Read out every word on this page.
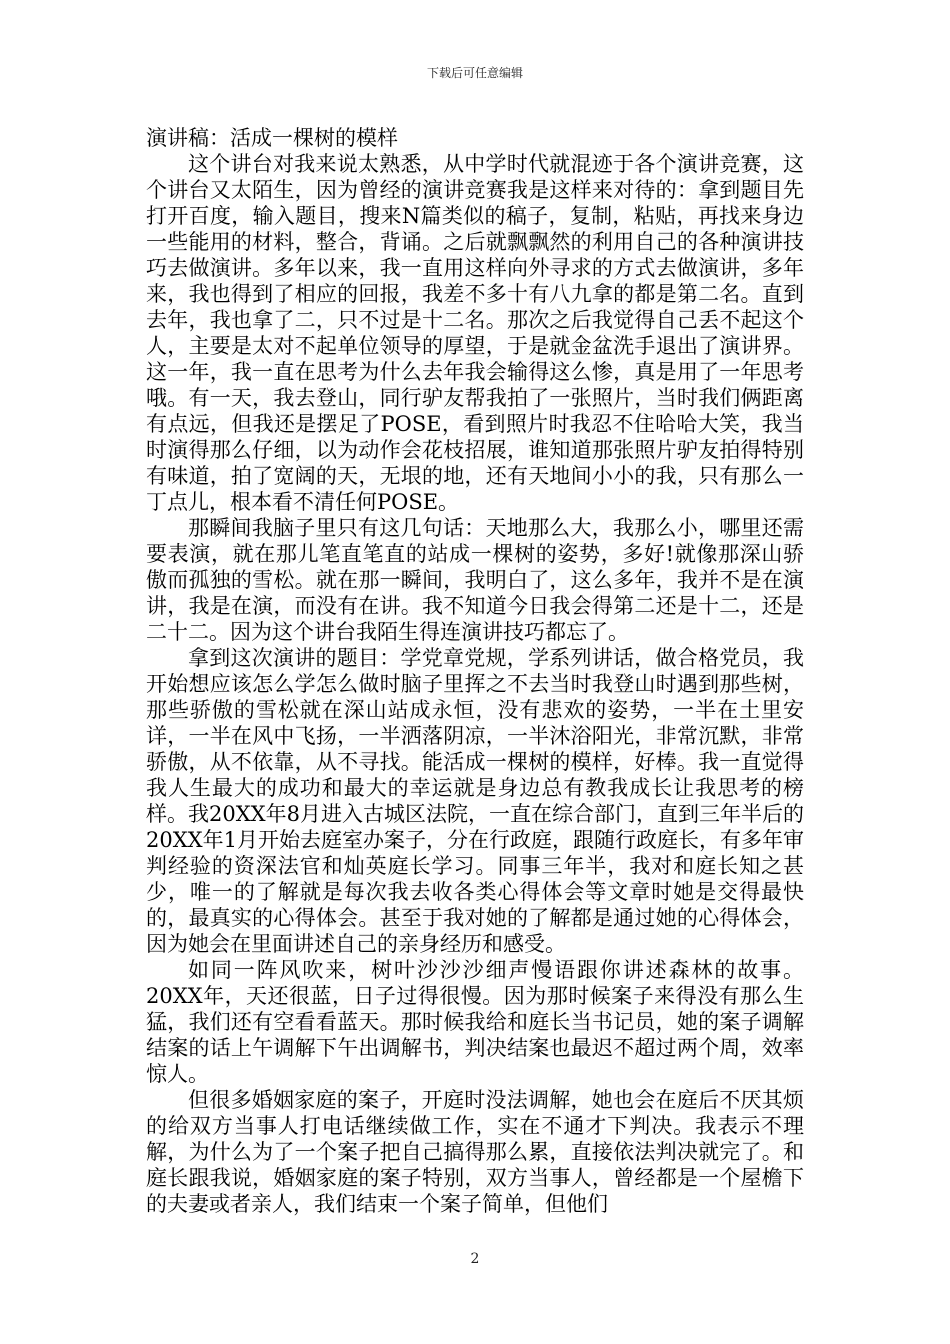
下载后可任意编辑
演讲稿：活成一棵树的模样

这个讲台对我来说太熟悉，从中学时代就混迹于各个演讲竞赛，这个讲台又太陌生，因为曾经的演讲竞赛我是这样来对待的：拿到题目先打开百度，输入题目，搜来N篇类似的稿子，复制，粘贴，再找来身边一些能用的材料，整合，背诵。之后就飘飘然的利用自己的各种演讲技巧去做演讲。多年以来，我一直用这样向外寻求的方式去做演讲，多年来，我也得到了相应的回报，我差不多十有八九拿的都是第二名。直到去年，我也拿了二，只不过是十二名。那次之后我觉得自己丢不起这个人，主要是太对不起单位领导的厚望，于是就金盆洗手退出了演讲界。 这一年，我一直在思考为什么去年我会输得这么惨，真是用了一年思考哦。有一天，我去登山，同行驴友帮我拍了一张照片，当时我们俩距离有点远，但我还是摆足了POSE，看到照片时我忍不住哈哈大笑，我当时演得那么仔细，以为动作会花枝招展，谁知道那张照片驴友拍得特别有味道，拍了宽阔的天，无垠的地，还有天地间小小的我，只有那么一丁点儿，根本看不清任何POSE。

那瞬间我脑子里只有这几句话：天地那么大，我那么小，哪里还需要表演，就在那儿笔直笔直的站成一棵树的姿势，多好!就像那深山骄傲而孤独的雪松。就在那一瞬间，我明白了，这么多年，我并不是在演讲，我是在演，而没有在讲。我不知道今日我会得第二还是十二，还是二十二。因为这个讲台我陌生得连演讲技巧都忘了。

拿到这次演讲的题目：学党章党规，学系列讲话，做合格党员，我开始想应该怎么学怎么做时脑子里挥之不去当时我登山时遇到那些树，那些骄傲的雪松就在深山站成永恒，没有悲欢的姿势，一半在土里安详，一半在风中飞扬，一半洒落阴凉，一半沐浴阳光，非常沉默，非常骄傲，从不依靠，从不寻找。能活成一棵树的模样，好棒。我一直觉得我人生最大的成功和最大的幸运就是身边总有教我成长让我思考的榜样。我20XX年8月进入古城区法院，一直在综合部门，直到三年半后的20XX年1月开始去庭室办案子，分在行政庭，跟随行政庭长，有多年审判经验的资深法官和灿英庭长学习。同事三年半，我对和庭长知之甚少，唯一的了解就是每次我去收各类心得体会等文章时她是交得最快的，最真实的心得体会。甚至于我对她的了解都是通过她的心得体会，因为她会在里面讲述自己的亲身经历和感受。

如同一阵风吹来，树叶沙沙沙细声慢语跟你讲述森林的故事。20XX年，天还很蓝，日子过得很慢。因为那时候案子来得没有那么生猛，我们还有空看看蓝天。那时候我给和庭长当书记员，她的案子调解结案的话上午调解下午出调解书，判决结案也最迟不超过两个周，效率惊人。

但很多婚姻家庭的案子，开庭时没法调解，她也会在庭后不厌其烦的给双方当事人打电话继续做工作，实在不通才下判决。我表示不理解，为什么为了一个案子把自己搞得那么累，直接依法判决就完了。和庭长跟我说，婚姻家庭的案子特别，双方当事人，曾经都是一个屋檐下的夫妻或者亲人，我们结束一个案子简单，但他们

2
